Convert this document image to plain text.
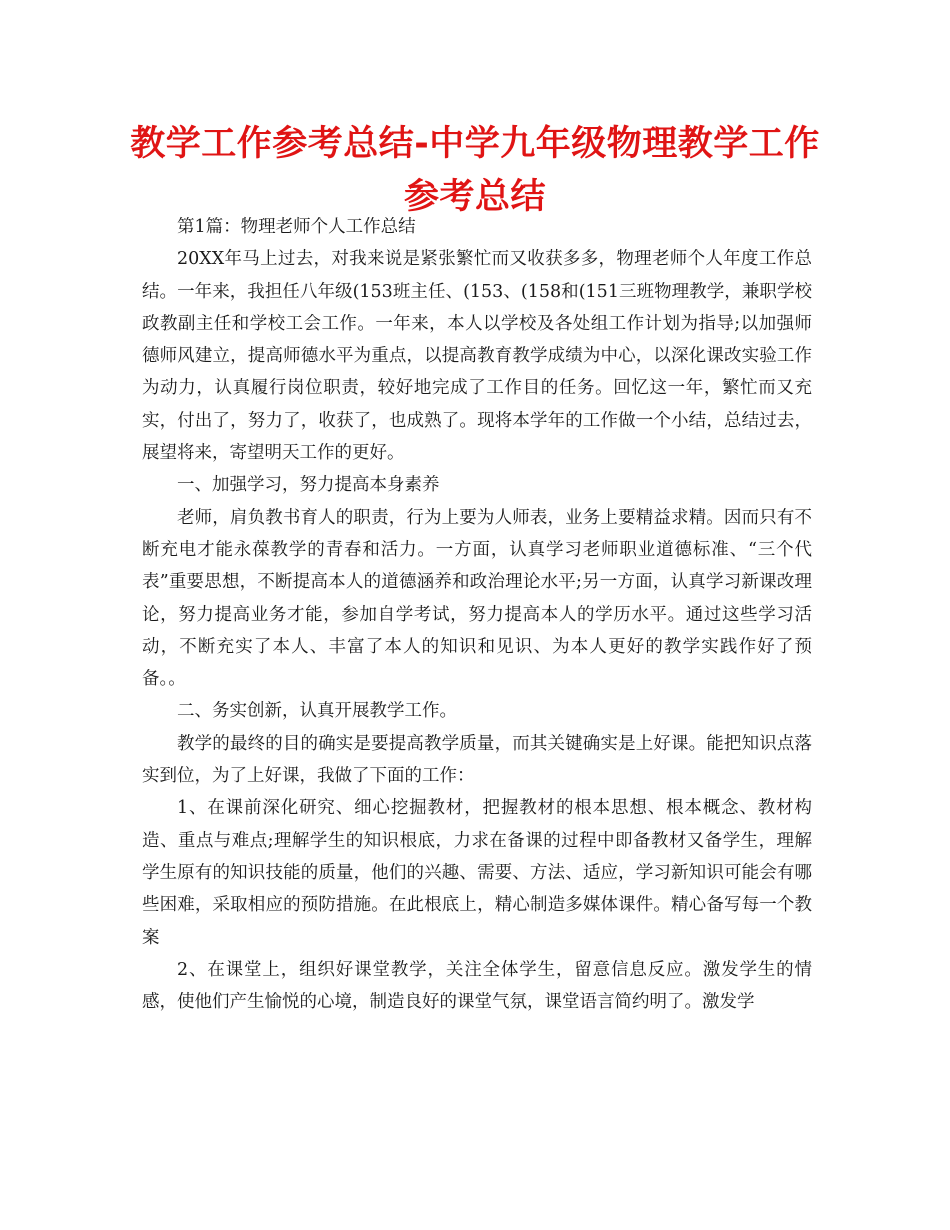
教学工作参考总结-中学九年级物理教学工作参考总结

第1篇：物理老师个人工作总结

20XX年马上过去，对我来说是紧张繁忙而又收获多多，物理老师个人年度工作总结。一年来，我担任八年级(153班主任、(153、(158和(151三班物理教学，兼职学校政教副主任和学校工会工作。一年来，本人以学校及各处组工作计划为指导;以加强师德师风建立，提高师德水平为重点，以提高教育教学成绩为中心，以深化课改实验工作为动力，认真履行岗位职责，较好地完成了工作目的任务。回忆这一年，繁忙而又充实，付出了，努力了，收获了，也成熟了。现将本学年的工作做一个小结，总结过去，展望将来，寄望明天工作的更好。

一、加强学习，努力提高本身素养

老师，肩负教书育人的职责，行为上要为人师表，业务上要精益求精。因而只有不断充电才能永葆教学的青春和活力。一方面，认真学习老师职业道德标准、“三个代表”重要思想，不断提高本人的道德涵养和政治理论水平;另一方面，认真学习新课改理论，努力提高业务才能，参加自学考试，努力提高本人的学历水平。通过这些学习活动，不断充实了本人、丰富了本人的知识和见识、为本人更好的教学实践作好了预备。。

二、务实创新，认真开展教学工作。

教学的最终的目的确实是要提高教学质量，而其关键确实是上好课。能把知识点落实到位，为了上好课，我做了下面的工作：

1、在课前深化研究、细心挖掘教材，把握教材的根本思想、根本概念、教材构造、重点与难点;理解学生的知识根底，力求在备课的过程中即备教材又备学生，理解学生原有的知识技能的质量，他们的兴趣、需要、方法、适应，学习新知识可能会有哪些困难，采取相应的预防措施。在此根底上，精心制造多媒体课件。精心备写每一个教案

2、在课堂上，组织好课堂教学，关注全体学生，留意信息反应。激发学生的情感，使他们产生愉悦的心境，制造良好的课堂气氛，课堂语言简约明了。激发学
